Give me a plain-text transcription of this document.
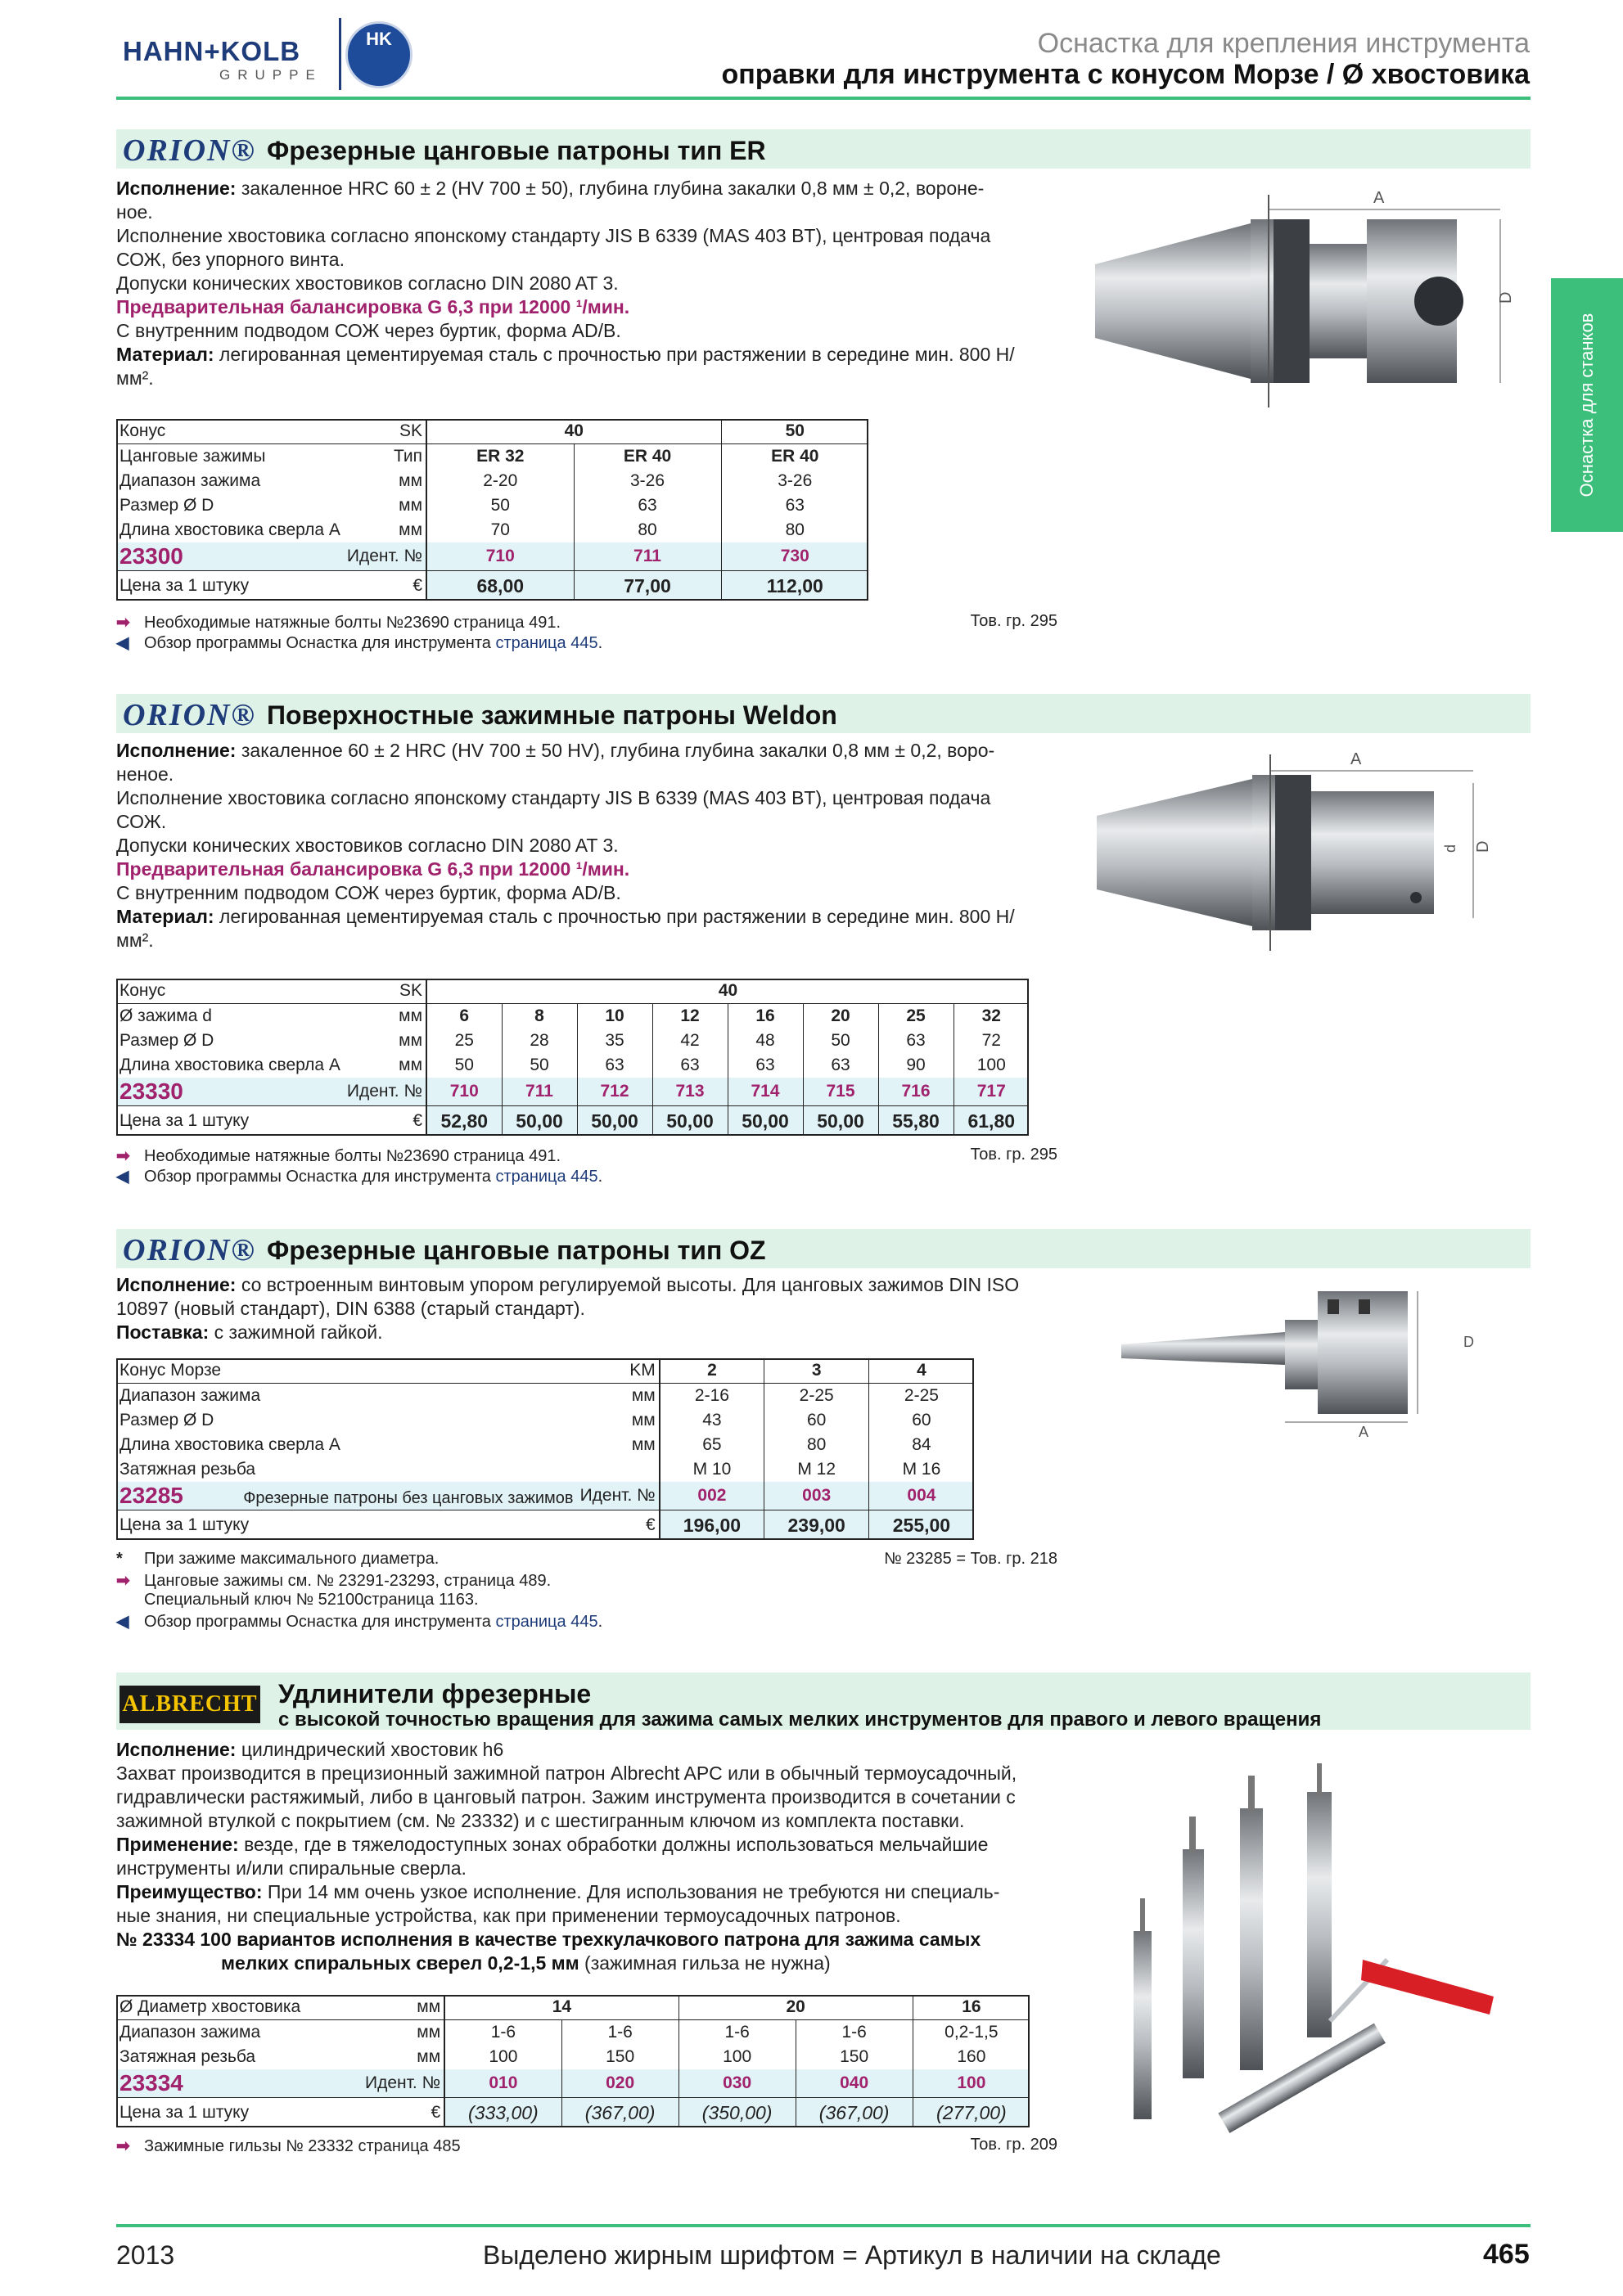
HAHN+KOLB
GRUPPE
HK	Оснастка для крепления инструмента
оправки для инструмента с конусом Морзе / Ø хвостовика
Оснастка для станков
ORION® Фрезерные цанговые патроны тип ER
Исполнение: закаленное HRC 60 ± 2 (HV 700 ± 50), глубина глубина закалки 0,8 мм ± 0,2, вороне-
ное.
Исполнение хвостовика согласно японскому стандарту JIS B 6339 (MAS 403 BT), центровая подача
СОЖ, без упорного винта.
Допуски конических хвостовиков согласно DIN 2080 AT 3.
Предварительная балансировка G 6,3 при 12000 ¹/мин.
С внутренним подводом СОЖ через буртик, форма AD/B.
Материал: легированная цементируемая сталь с прочностью при растяжении в середине мин. 800 Н/
мм².
Конус	SK	40		50
Цанговые зажимы	Тип	ER 32	ER 40	ER 40
Диапазон зажима	мм	2-20	3-26	3-26
Размер Ø D	мм	50	63	63
Длина хвостовика сверла A	мм	70	80	80
23300	Идент. №	710	711	730
Цена за 1 штуку	€	68,00	77,00	112,00
➡ Необходимые натяжные болты №23690 страница 491.	Тов. гр. 295
◀ Обзор программы Оснастка для инструмента страница 445.
A
D
ORION® Поверхностные зажимные патроны Weldon
Исполнение: закаленное 60 ± 2 HRC (HV 700 ± 50 HV), глубина глубина закалки 0,8 мм ± 0,2, воро-
неное.
Исполнение хвостовика согласно японскому стандарту JIS B 6339 (MAS 403 BT), центровая подача
СОЖ.
Допуски конических хвостовиков согласно DIN 2080 AT 3.
Предварительная балансировка G 6,3 при 12000 ¹/мин.
С внутренним подводом СОЖ через буртик, форма AD/B.
Материал: легированная цементируемая сталь с прочностью при растяжении в середине мин. 800 Н/
мм².
Конус	SK	40							
Ø зажима d	мм	6	8	10	12	16	20	25	32
Размер Ø D	мм	25	28	35	42	48	50	63	72
Длина хвостовика сверла A	мм	50	50	63	63	63	63	90	100
23330	Идент. №	710	711	712	713	714	715	716	717
Цена за 1 штуку	€	52,80	50,00	50,00	50,00	50,00	50,00	55,80	61,80
➡ Необходимые натяжные болты №23690 страница 491.	Тов. гр. 295
◀ Обзор программы Оснастка для инструмента страница 445.
A
d D
ORION® Фрезерные цанговые патроны тип OZ
Исполнение: со встроенным винтовым упором регулируемой высоты. Для цанговых зажимов DIN ISO
10897 (новый стандарт), DIN 6388 (старый стандарт).
Поставка: с зажимной гайкой.
Конус Морзе	KM	2	3	4
Диапазон зажима	мм	2-16	2-25	2-25
Размер Ø D	мм	43	60	60
Длина хвостовика сверла A	мм	65	80	84
Затяжная резьба		M 10	M 12	M 16
23285      Фрезерные патроны без цанговых зажимов	Идент. №	002	003	004
Цена за 1 штуку	€	196,00	239,00	255,00
* При зажиме максимального диаметра.	№ 23285 = Тов. гр. 218
➡ Цанговые зажимы см. № 23291-23293, страница 489.
Специальный ключ № 52100страница 1163.
◀ Обзор программы Оснастка для инструмента страница 445.
A
D
ALBRECHT Удлинители фрезерные
с высокой точностью вращения для зажима самых мелких инструментов для правого и левого вращения
Исполнение: цилиндрический хвостовик h6
Захват производится в прецизионный зажимной патрон Albrecht APC или в обычный термоусадочный,
гидравлически растяжимый, либо в цанговый патрон. Зажим инструмента производится в сочетании с
зажимной втулкой с покрытием (см. № 23332) и с шестигранным ключом из комплекта поставки.
Применение: везде, где в тяжелодоступных зонах обработки должны использоваться мельчайшие
инструменты и/или спиральные сверла.
Преимущество: При 14 мм очень узкое исполнение. Для использования не требуются ни специаль-
ные знания, ни специальные устройства, как при применении термоусадочных патронов.
№ 23334 100 вариантов исполнения в качестве трехкулачкового патрона для зажима самых
мелких спиральных сверел 0,2-1,5 мм (зажимная гильза не нужна)
Ø Диаметр хвостовика	мм	14		20		16
Диапазон зажима	мм	1-6	1-6	1-6	1-6	0,2-1,5
Затяжная резьба	мм	100	150	100	150	160
23334	Идент. №	010	020	030	040	100
Цена за 1 штуку	€	(333,00)	(367,00)	(350,00)	(367,00)	(277,00)
➡ Зажимные гильзы № 23332 страница 485	Тов. гр. 209
2013	Выделено жирным шрифтом = Артикул в наличии на складе	465
